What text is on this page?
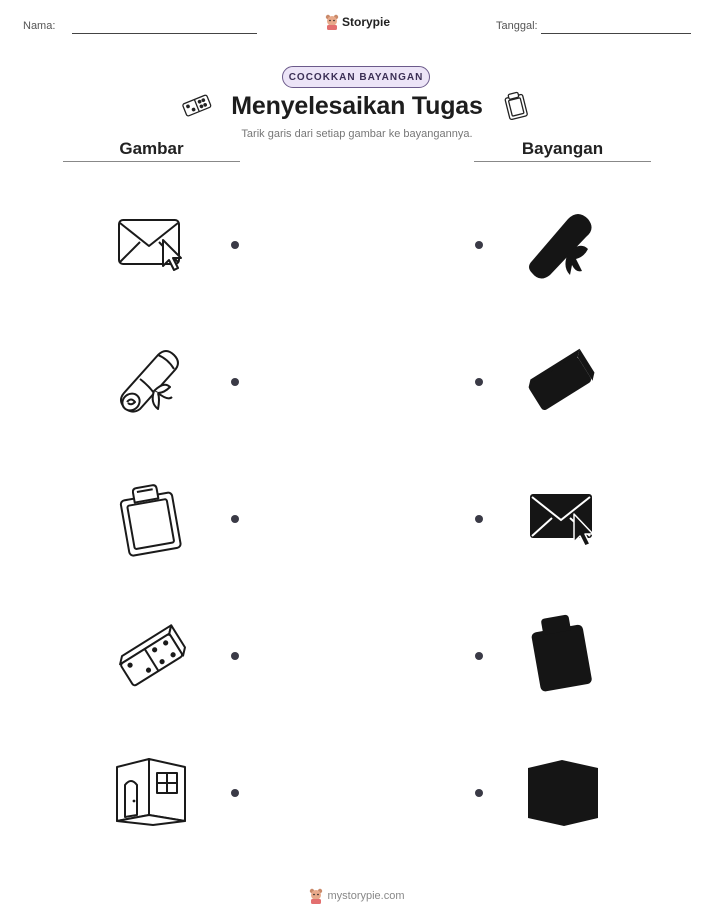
Nama:	Storypie	Tanggal:
COCOKKAN BAYANGAN
Menyelesaikan Tugas
Tarik garis dari setiap gambar ke bayangannya.
Gambar	Bayangan
mystorypie.com
